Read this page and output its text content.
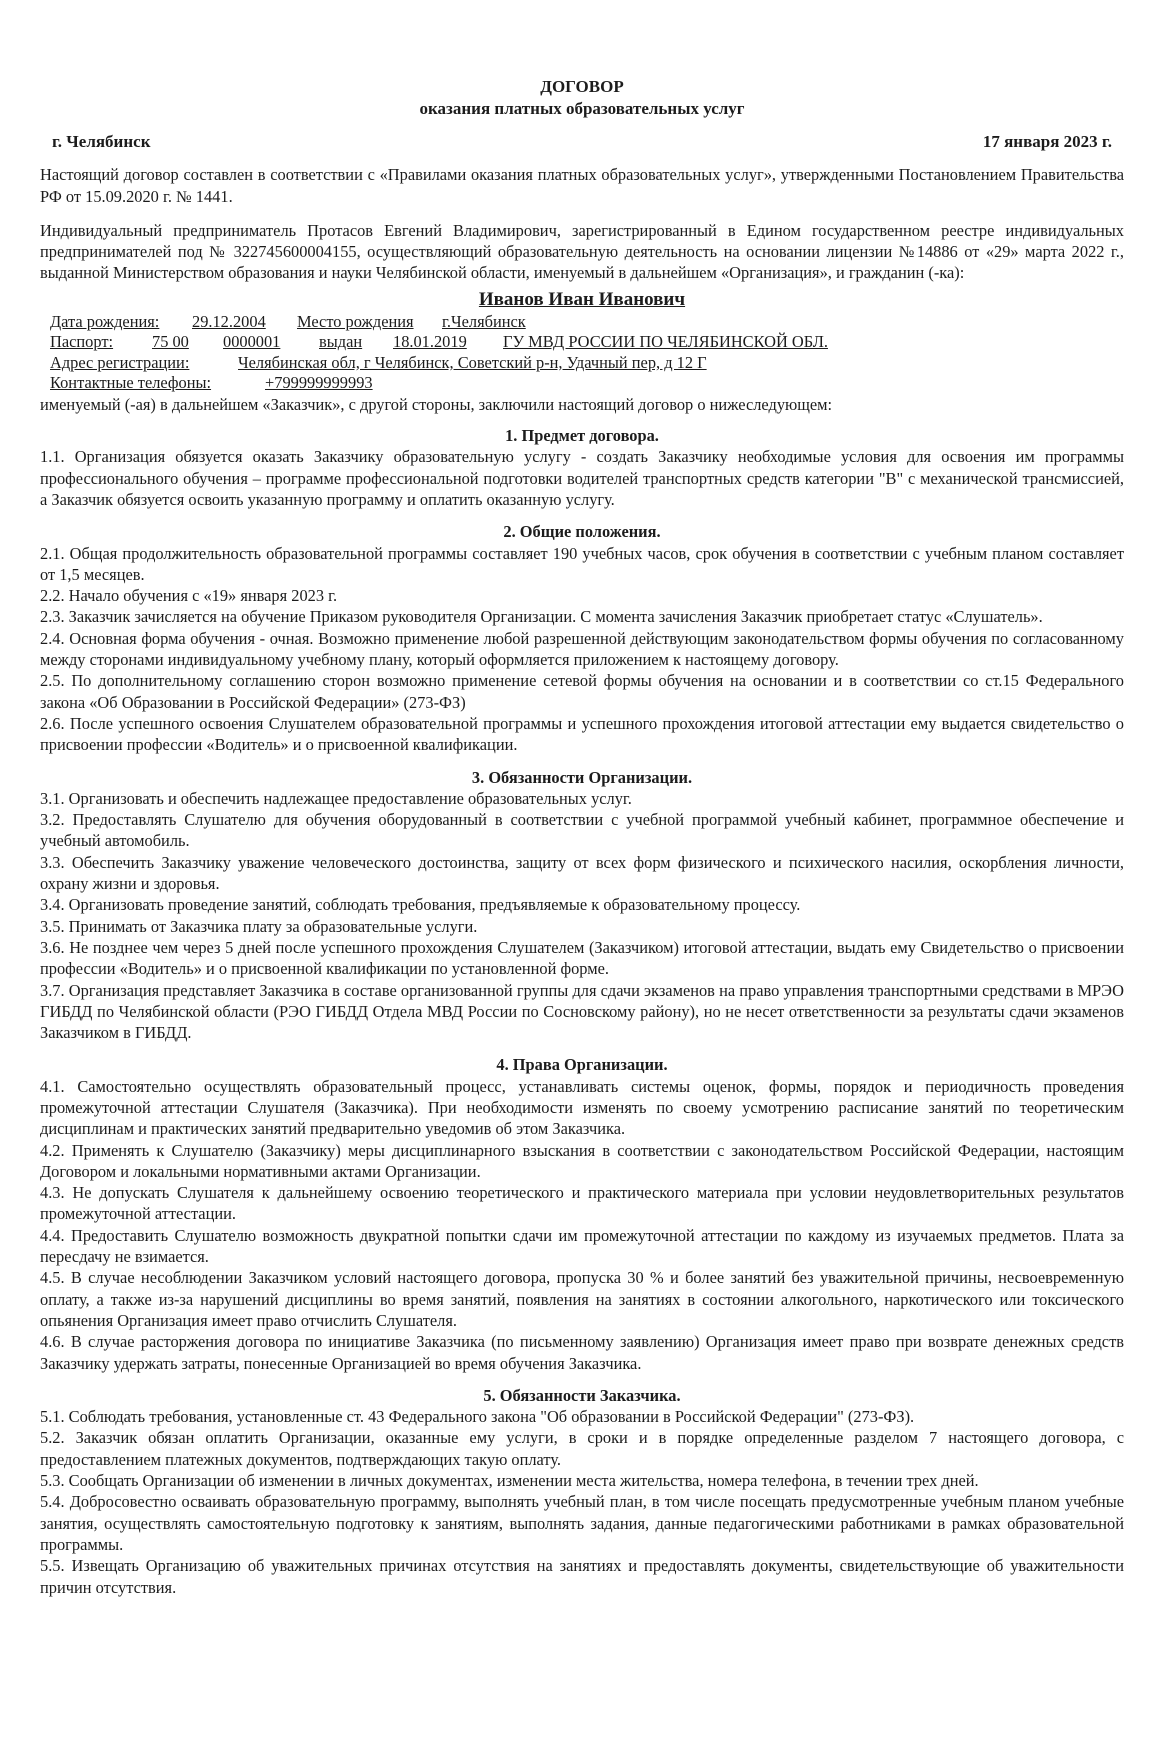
ДОГОВОР
оказания платных образовательных услуг
г. Челябинск	17 января 2023 г.

Настоящий договор составлен в соответствии с «Правилами оказания платных образовательных услуг», утвержденными Постановлением Правительства РФ от 15.09.2020 г. № 1441.

Индивидуальный предприниматель Протасов Евгений Владимирович, зарегистрированный в Едином государственном реестре индивидуальных предпринимателей под № 322745600004155, осуществляющий образовательную деятельность на основании лицензии №14886 от «29» марта 2022 г., выданной Министерством образования и науки Челябинской области, именуемый в дальнейшем «Организация», и гражданин (-ка):

Иванов Иван Иванович
Дата рождения:	29.12.2004	Место рождения	г.Челябинск
Паспорт:	75 00	0000001	выдан	18.01.2019	ГУ МВД РОССИИ ПО ЧЕЛЯБИНСКОЙ ОБЛ.
Адрес регистрации:	Челябинская обл, г Челябинск, Советский р-н, Удачный пер, д 12 Г
Контактные телефоны:	+799999999993

именуемый (-ая) в дальнейшем «Заказчик», с другой стороны, заключили настоящий договор о нижеследующем:

1. Предмет договора.

1.1. Организация обязуется оказать Заказчику образовательную услугу - создать Заказчику необходимые условия для освоения им программы профессионального обучения – программе профессиональной подготовки водителей транспортных средств категории "В" с механической трансмиссией, а Заказчик обязуется освоить указанную программу и оплатить оказанную услугу.

2. Общие положения.

2.1. Общая продолжительность образовательной программы составляет 190 учебных часов, срок обучения в соответствии с учебным планом составляет от 1,5 месяцев.

2.2. Начало обучения с «19» января 2023 г.

2.3. Заказчик зачисляется на обучение Приказом руководителя Организации. С момента зачисления Заказчик приобретает статус «Слушатель».

2.4. Основная форма обучения - очная. Возможно применение любой разрешенной действующим законодательством формы обучения по согласованному между сторонами индивидуальному учебному плану, который оформляется приложением к настоящему договору.

2.5. По дополнительному соглашению сторон возможно применение сетевой формы обучения на основании и в соответствии со ст.15 Федерального закона «Об Образовании в Российской Федерации» (273-ФЗ)

2.6. После успешного освоения Слушателем образовательной программы и успешного прохождения итоговой аттестации ему выдается свидетельство о присвоении профессии «Водитель» и о присвоенной квалификации.

3. Обязанности Организации.

3.1. Организовать и обеспечить надлежащее предоставление образовательных услуг.

3.2. Предоставлять Слушателю для обучения оборудованный в соответствии с учебной программой учебный кабинет, программное обеспечение и учебный автомобиль.

3.3. Обеспечить Заказчику уважение человеческого достоинства, защиту от всех форм физического и психического насилия, оскорбления личности, охрану жизни и здоровья.

3.4. Организовать проведение занятий, соблюдать требования, предъявляемые к образовательному процессу.

3.5. Принимать от Заказчика плату за образовательные услуги.

3.6. Не позднее чем через 5 дней после успешного прохождения Слушателем (Заказчиком) итоговой аттестации, выдать ему Свидетельство о присвоении профессии «Водитель» и о присвоенной квалификации по установленной форме.

3.7. Организация представляет Заказчика в составе организованной группы для сдачи экзаменов на право управления транспортными средствами в МРЭО ГИБДД по Челябинской области (РЭО ГИБДД Отдела МВД России по Сосновскому району), но не несет ответственности за результаты сдачи экзаменов Заказчиком в ГИБДД.

4. Права Организации.

4.1. Самостоятельно осуществлять образовательный процесс, устанавливать системы оценок, формы, порядок и периодичность проведения промежуточной аттестации Слушателя (Заказчика). При необходимости изменять по своему усмотрению расписание занятий по теоретическим дисциплинам и практических занятий предварительно уведомив об этом Заказчика.

4.2. Применять к Слушателю (Заказчику) меры дисциплинарного взыскания в соответствии с законодательством Российской Федерации, настоящим Договором и локальными нормативными актами Организации.

4.3. Не допускать Слушателя к дальнейшему освоению теоретического и практического материала при условии неудовлетворительных результатов промежуточной аттестации.

4.4. Предоставить Слушателю возможность двукратной попытки сдачи им промежуточной аттестации по каждому из изучаемых предметов. Плата за пересдачу не взимается.

4.5. В случае несоблюдении Заказчиком условий настоящего договора, пропуска 30 % и более занятий без уважительной причины, несвоевременную оплату, а также из-за нарушений дисциплины во время занятий, появления на занятиях в состоянии алкогольного, наркотического или токсического опьянения Организация имеет право отчислить Слушателя.

4.6. В случае расторжения договора по инициативе Заказчика (по письменному заявлению) Организация имеет право при возврате денежных средств Заказчику удержать затраты, понесенные Организацией во время обучения Заказчика.

5. Обязанности Заказчика.

5.1. Соблюдать требования, установленные ст. 43 Федерального закона "Об образовании в Российской Федерации" (273-ФЗ).

5.2. Заказчик обязан оплатить Организации, оказанные ему услуги, в сроки и в порядке определенные разделом 7 настоящего договора, с предоставлением платежных документов, подтверждающих такую оплату.

5.3. Сообщать Организации об изменении в личных документах, изменении места жительства, номера телефона, в течении трех дней.

5.4. Добросовестно осваивать образовательную программу, выполнять учебный план, в том числе посещать предусмотренные учебным планом учебные занятия, осуществлять самостоятельную подготовку к занятиям, выполнять задания, данные педагогическими работниками в рамках образовательной программы.

5.5. Извещать Организацию об уважительных причинах отсутствия на занятиях и предоставлять документы, свидетельствующие об уважительности причин отсутствия.
